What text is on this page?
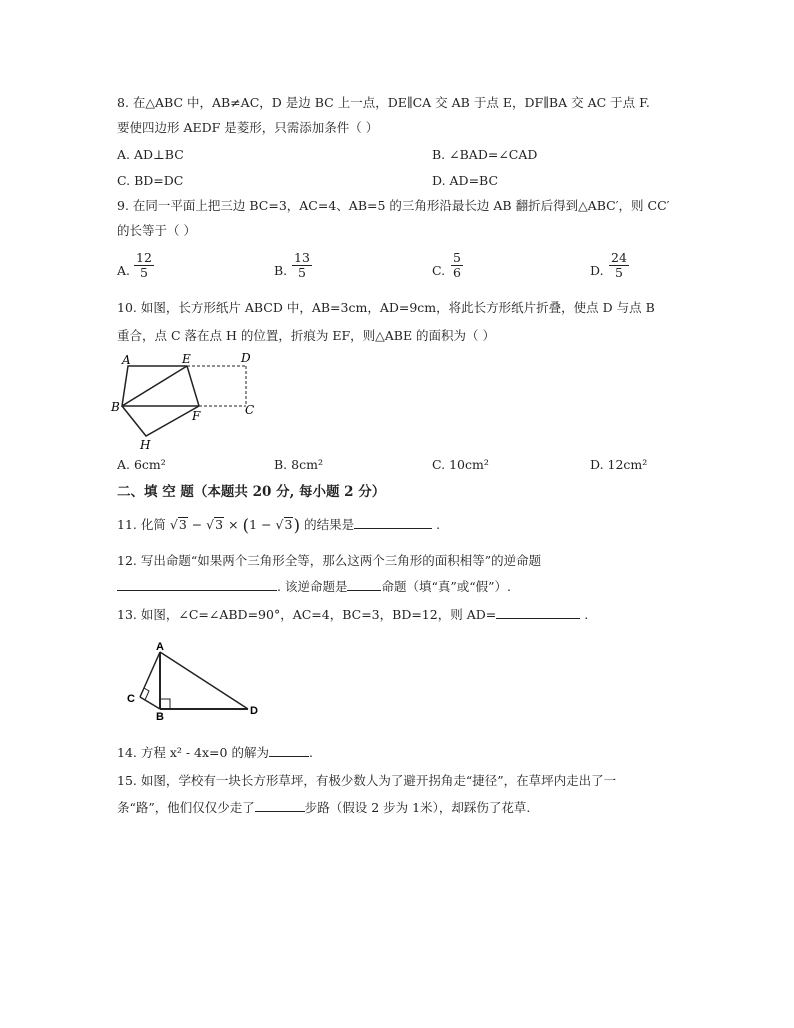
8. 在△ABC 中，AB≠AC，D 是边 BC 上一点，DE∥CA 交 AB 于点 E，DF∥BA 交 AC 于点 F.
要使四边形 AEDF 是菱形，只需添加条件（ ）
A. AD⊥BC	B. ∠BAD=∠CAD
C. BD=DC	D. AD=BC
9. 在同一平面上把三边 BC=3，AC=4、AB=5 的三角形沿最长边 AB 翻折后得到△ABC′，则 CC′
的长等于（ ）
A. $\frac{12}{5}$	B. $\frac{13}{5}$	C. $\frac{5}{6}$	D. $\frac{24}{5}$
10. 如图，长方形纸片 ABCD 中，AB=3cm，AD=9cm，将此长方形纸片折叠，使点 D 与点 B
重合，点 C 落在点 H 的位置，折痕为 EF，则△ABE 的面积为（ ）
A	E	D
B
F	C
H
A. 6cm²	B. 8cm²	C. 10cm²	D. 12cm²
二、填 空 题（本题共 20 分, 每小题 2 分）
11. 化简 √3 − √3 × (1 − √3) 的结果是	.
12. 写出命题“如果两个三角形全等，那么这两个三角形的面积相等”的逆命题
. 该逆命题是	命题（填“真”或“假”）.
13. 如图，∠C=∠ABD=90°，AC=4，BC=3，BD=12，则 AD=	.
A
C
B	D
14. 方程 x² - 4x=0 的解为	.
15. 如图，学校有一块长方形草坪，有极少数人为了避开拐角走“捷径”，在草坪内走出了一
条“路”，他们仅仅少走了	步路（假设 2 步为 1米），却踩伤了花草.
